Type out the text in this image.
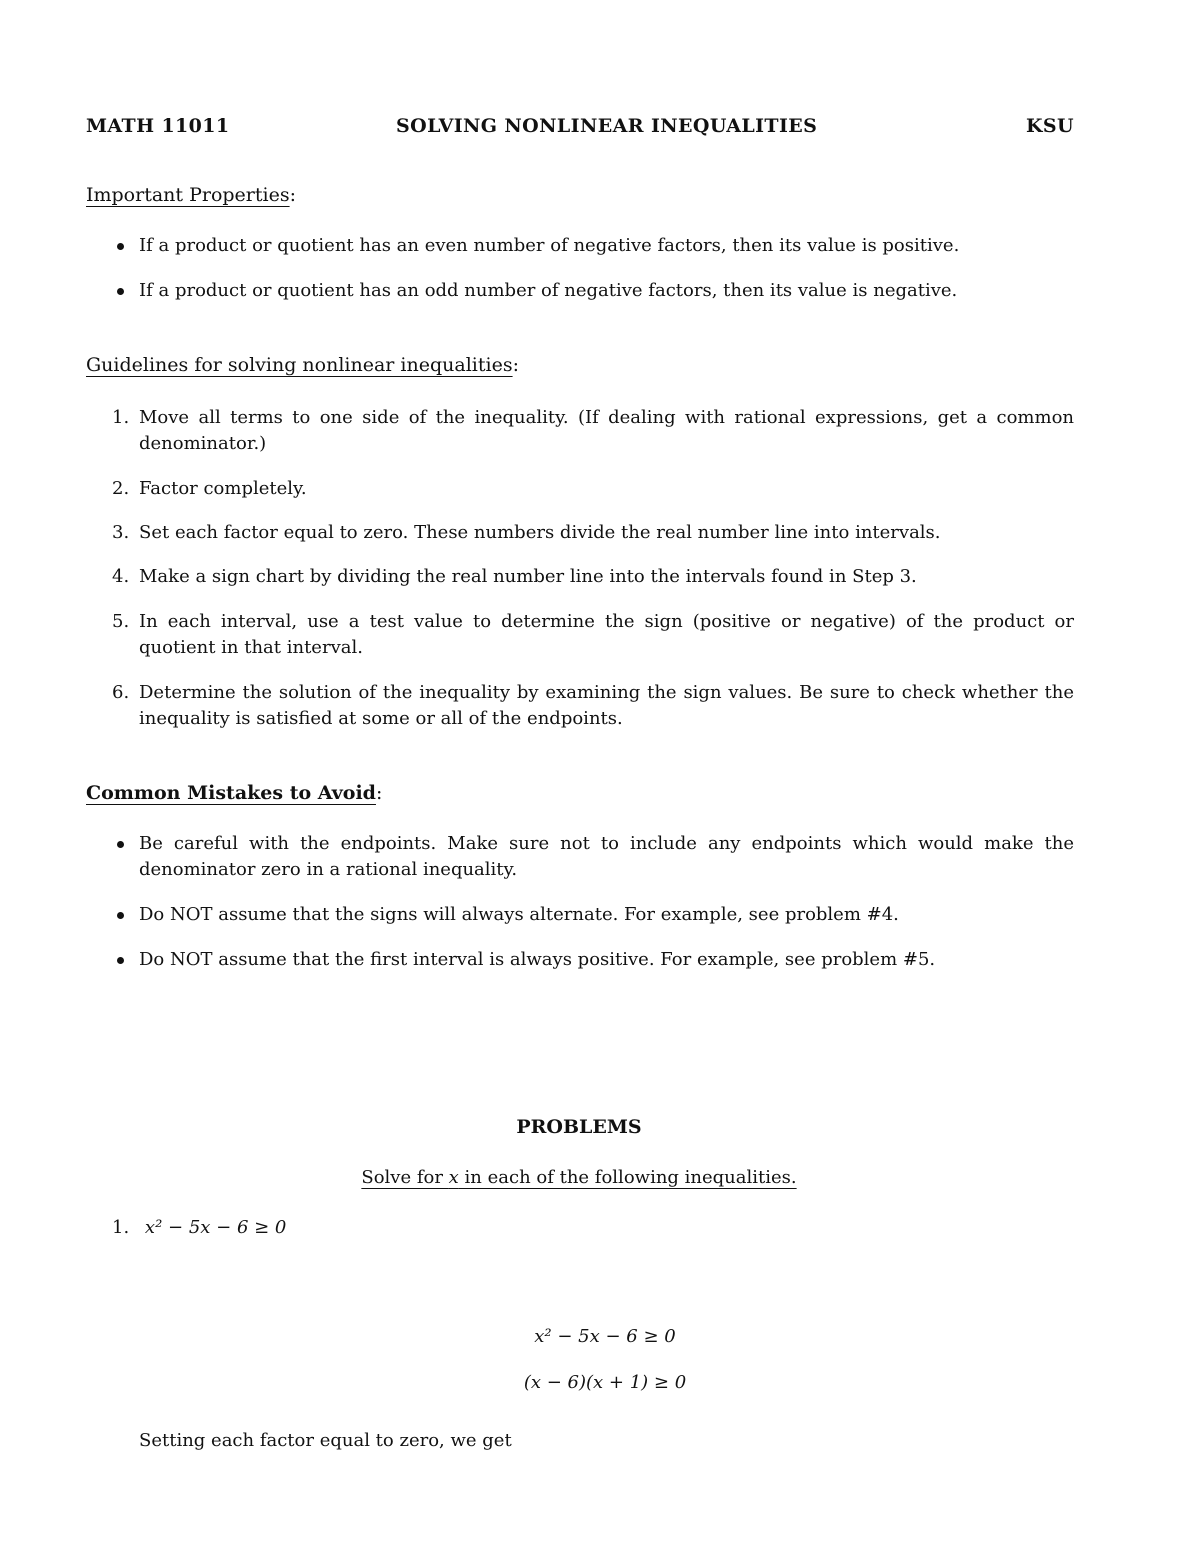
MATH 11011	SOLVING NONLINEAR INEQUALITIES	KSU
Important Properties:
If a product or quotient has an even number of negative factors, then its value is positive.
If a product or quotient has an odd number of negative factors, then its value is negative.
Guidelines for solving nonlinear inequalities:
1. Move all terms to one side of the inequality. (If dealing with rational expressions, get a common denominator.)
2. Factor completely.
3. Set each factor equal to zero. These numbers divide the real number line into intervals.
4. Make a sign chart by dividing the real number line into the intervals found in Step 3.
5. In each interval, use a test value to determine the sign (positive or negative) of the product or quotient in that interval.
6. Determine the solution of the inequality by examining the sign values. Be sure to check whether the inequality is satisfied at some or all of the endpoints.
Common Mistakes to Avoid:
Be careful with the endpoints. Make sure not to include any endpoints which would make the denominator zero in a rational inequality.
Do NOT assume that the signs will always alternate. For example, see problem #4.
Do NOT assume that the first interval is always positive. For example, see problem #5.
PROBLEMS
Solve for x in each of the following inequalities.
1. x² − 5x − 6 ≥ 0
x² − 5x − 6 ≥ 0
(x − 6)(x + 1) ≥ 0
Setting each factor equal to zero, we get
